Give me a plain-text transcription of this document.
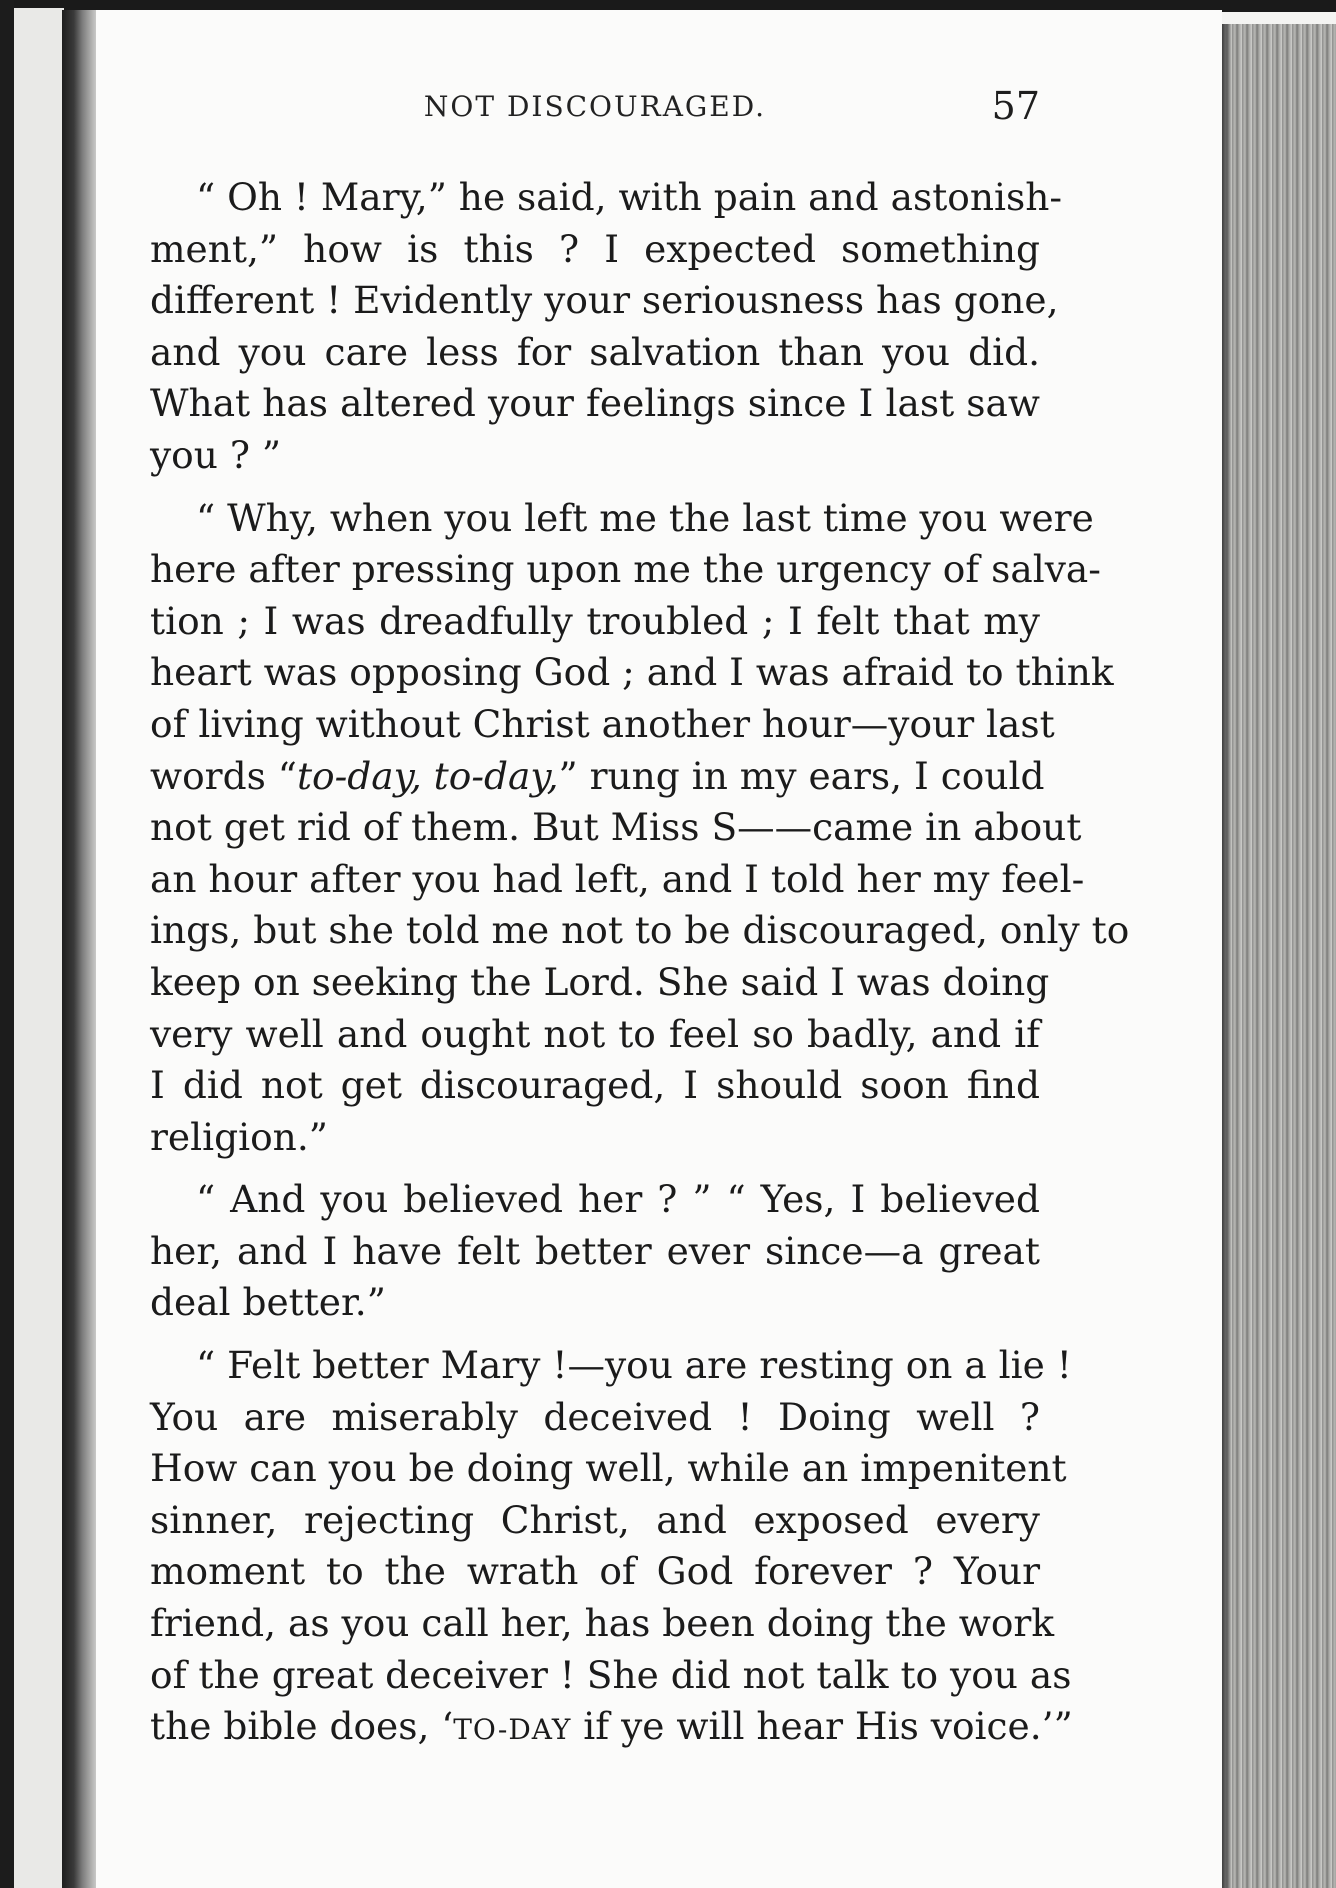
NOT DISCOURAGED.	57
“ Oh ! Mary,” he said, with pain and astonish-
ment,” how is this ? I expected something
different ! Evidently your seriousness has gone,
and you care less for salvation than you did.
What has altered your feelings since I last saw
you ? ”
“ Why, when you left me the last time you were
here after pressing upon me the urgency of salva-
tion ; I was dreadfully troubled ; I felt that my
heart was opposing God ; and I was afraid to think
of living without Christ another hour—your last
words “to-day, to-day,” rung in my ears, I could
not get rid of them. But Miss S——came in about
an hour after you had left, and I told her my feel-
ings, but she told me not to be discouraged, only to
keep on seeking the Lord. She said I was doing
very well and ought not to feel so badly, and if
I did not get discouraged, I should soon find
religion.”
“ And you believed her ? ” “ Yes, I believed
her, and I have felt better ever since—a great
deal better.”
“ Felt better Mary !—you are resting on a lie !
You are miserably deceived ! Doing well ?
How can you be doing well, while an impenitent
sinner, rejecting Christ, and exposed every
moment to the wrath of God forever ? Your
friend, as you call her, has been doing the work
of the great deceiver ! She did not talk to you as
the bible does, ‘TO-DAY if ye will hear His voice.’”
